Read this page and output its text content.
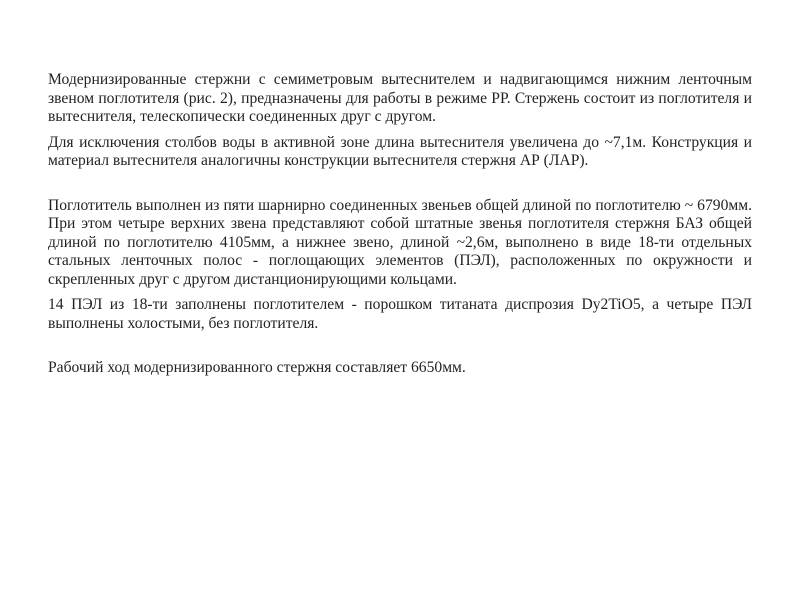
Модернизированные стержни с семиметровым вытеснителем и надвигающимся нижним ленточным звеном поглотителя (рис. 2), предназначены для работы в режиме РР. Стержень состоит из поглотителя и вытеснителя, телескопически соединенных друг с другом.

Для исключения столбов воды в активной зоне длина вытеснителя увеличена до ~7,1м. Конструкция и материал вытеснителя аналогичны конструкции вытеснителя стержня АР (ЛАР).

Поглотитель выполнен из пяти шарнирно соединенных звеньев общей длиной по поглотителю ~ 6790мм. При этом четыре верхних звена представляют собой штатные звенья поглотителя стержня БАЗ общей длиной по поглотителю 4105мм, а нижнее звено, длиной ~2,6м, выполнено в виде 18-ти отдельных стальных ленточных полос - поглощающих элементов (ПЭЛ), расположенных по окружности и скрепленных друг с другом дистанционирующими кольцами.

14 ПЭЛ из 18-ти заполнены поглотителем - порошком титаната диспрозия Dy2TiO5, а четыре ПЭЛ выполнены холостыми, без поглотителя.

Рабочий ход модернизированного стержня составляет 6650мм.
